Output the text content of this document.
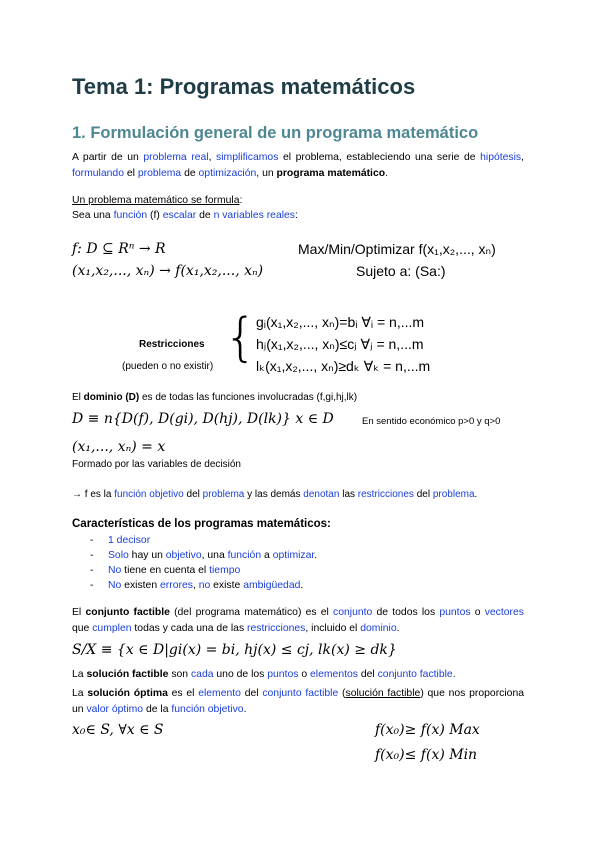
Tema 1: Programas matemáticos
1. Formulación general de un programa matemático
A partir de un problema real, simplificamos el problema, estableciendo una serie de hipótesis, formulando el problema de optimización, un programa matemático.
Un problema matemático se formula:
Sea una función (f) escalar de n variables reales:
f: D ⊆ Rⁿ → R	Max/Min/Optimizar f(x₁,x₂,..., xₙ)
(x₁,x₂,..., xₙ) → f(x₁,x₂,..., xₙ)	Sujeto a: (Sa:)
Restricciones
(pueden o no existir) {
gᵢ(x₁,x₂,..., xₙ)=bᵢ ∀ᵢ = n,...m
hⱼ(x₁,x₂,..., xₙ)≤cⱼ ∀ⱼ = n,...m
lₖ(x₁,x₂,..., xₙ)≥dₖ ∀ₖ = n,...m
El dominio (D) es de todas las funciones involucradas (f,gi,hj,lk)
D ≡ n{D(f), D(gi), D(hj), D(lk)} x ∈ D	En sentido económico p>0 y q>0
(x₁,..., xₙ) = x
Formado por las variables de decisión
→ f es la función objetivo del problema y las demás denotan las restricciones del problema.
Características de los programas matemáticos:
- 1 decisor
- Solo hay un objetivo, una función a optimizar.
- No tiene en cuenta el tiempo
- No existen errores, no existe ambigüedad.
El conjunto factible (del programa matemático) es el conjunto de todos los puntos o vectores que cumplen todas y cada una de las restricciones, incluido el dominio.
S/X ≡ {x ∈ D|gi(x) = bi, hj(x) ≤ cj, lk(x) ≥ dk}
La solución factible son cada uno de los puntos o elementos del conjunto factible.
La solución óptima es el elemento del conjunto factible (solución factible) que nos proporciona un valor óptimo de la función objetivo.
x₀∈ S, ∀x ∈ S	f(x₀)≥ f(x) Max
f(x₀)≤ f(x) Min
